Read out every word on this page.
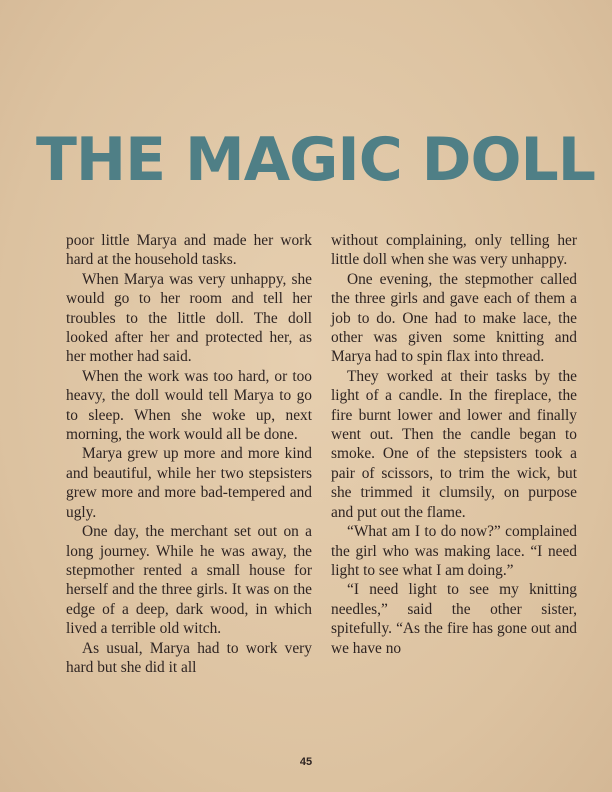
THE MAGIC DOLL

poor little Marya and made her work hard at the household tasks.

When Marya was very unhappy, she would go to her room and tell her troubles to the little doll. The doll looked after her and protected her, as her mother had said.

When the work was too hard, or too heavy, the doll would tell Marya to go to sleep. When she woke up, next morning, the work would all be done.

Marya grew up more and more kind and beautiful, while her two stepsisters grew more and more bad-tempered and ugly.

One day, the merchant set out on a long journey. While he was away, the stepmother rented a small house for herself and the three girls. It was on the edge of a deep, dark wood, in which lived a terrible old witch.

As usual, Marya had to work very hard but she did it all

without complaining, only telling her little doll when she was very unhappy.

One evening, the stepmother called the three girls and gave each of them a job to do. One had to make lace, the other was given some knitting and Marya had to spin flax into thread.

They worked at their tasks by the light of a candle. In the fireplace, the fire burnt lower and lower and finally went out. Then the candle began to smoke. One of the stepsisters took a pair of scissors, to trim the wick, but she trimmed it clumsily, on purpose and put out the flame.

“What am I to do now?” complained the girl who was making lace. “I need light to see what I am doing.”

“I need light to see my knitting needles,” said the other sister, spitefully. “As the fire has gone out and we have no

45
